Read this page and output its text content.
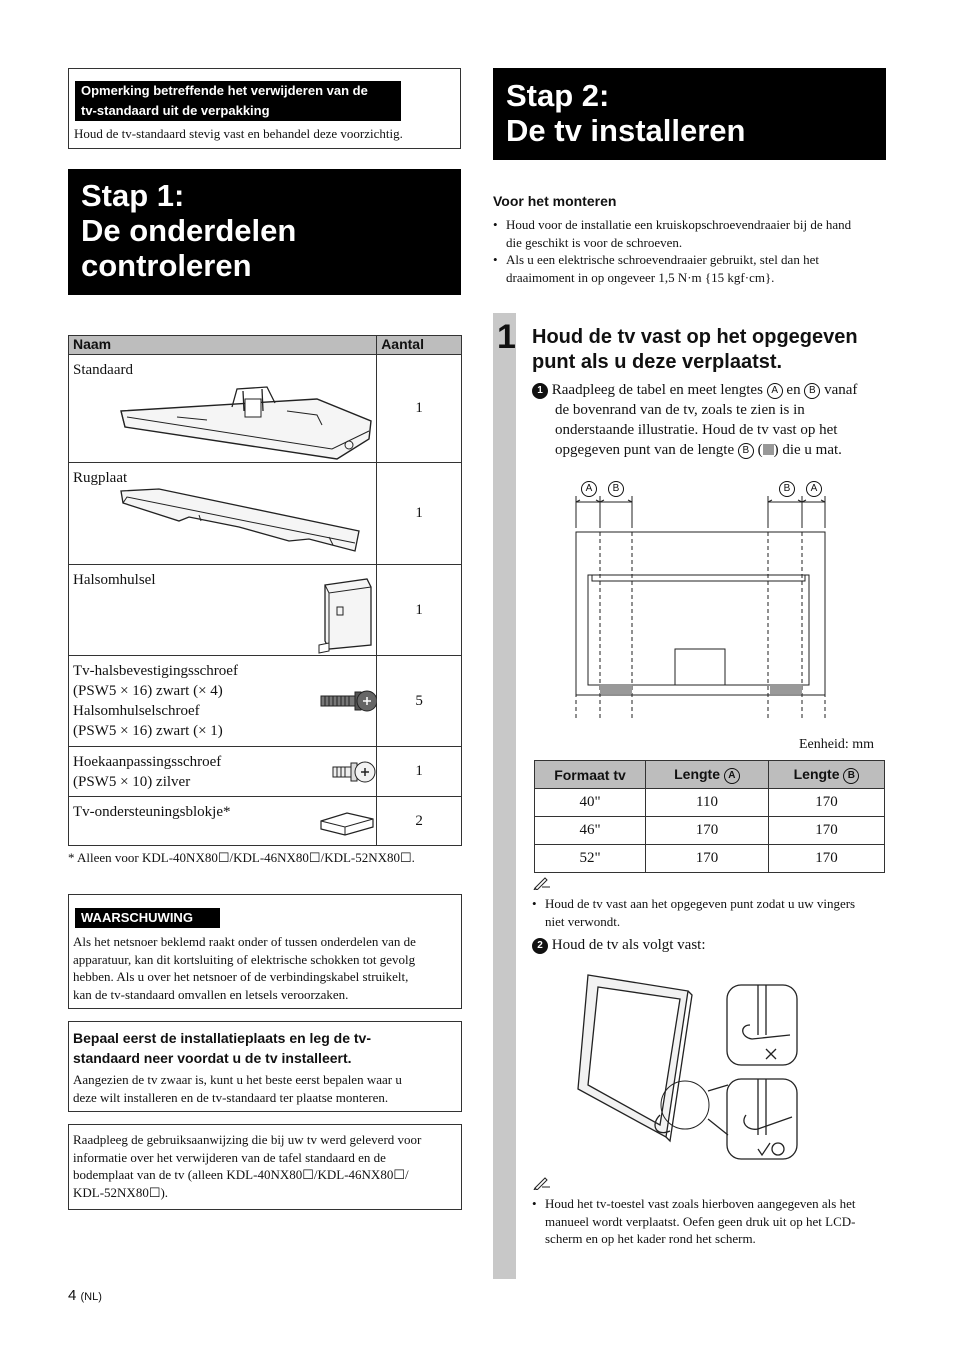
Opmerking betreffende het verwijderen van de
tv-standaard uit de verpakking
Houd de tv-standaard stevig vast en behandel deze voorzichtig.
Stap 1:
De onderdelen
controleren
Naam	Aantal

Standaard	1

Rugplaat	1

Halsomhulsel	1

Tv-halsbevestigingsschroef
(PSW5 × 16) zwart (× 4)
Halsomhulselschroef
(PSW5 × 16) zwart (× 1)	5

Hoekaanpassingsschroef
(PSW5 × 10) zilver	1

Tv-ondersteuningsblokje*	2
* Alleen voor KDL-40NX80☐/KDL-46NX80☐/KDL-52NX80☐.
WAARSCHUWING
Als het netsnoer beklemd raakt onder of tussen onderdelen van de
apparatuur, kan dit kortsluiting of elektrische schokken tot gevolg
hebben. Als u over het netsnoer of de verbindingskabel struikelt,
kan de tv-standaard omvallen en letsels veroorzaken.
Bepaal eerst de installatieplaats en leg de tv-
standaard neer voordat u de tv installeert.
Aangezien de tv zwaar is, kunt u het beste eerst bepalen waar u
deze wilt installeren en de tv-standaard ter plaatse monteren.
Raadpleeg de gebruiksaanwijzing die bij uw tv werd geleverd voor
informatie over het verwijderen van de tafel standaard en de
bodemplaat van de tv (alleen KDL-40NX80☐/KDL-46NX80☐/
KDL-52NX80☐).
4 (NL)
Stap 2:
De tv installeren
Voor het monteren
• Houd voor de installatie een kruiskopschroevendraaier bij de hand
die geschikt is voor de schroeven.
• Als u een elektrische schroevendraaier gebruikt, stel dan het
draaimoment in op ongeveer 1,5 N·m {15 kgf·cm}.
1 Houd de tv vast op het opgegeven
punt als u deze verplaatst.
1 Raadpleeg de tabel en meet lengtes A en B vanaf
de bovenrand van de tv, zoals te zien is in
onderstaande illustratie. Houd de tv vast op het
opgegeven punt van de lengte B ( ) die u mat.
A	B	B	A
Eenheid: mm
Formaat tv	Lengte A	Lengte B
40"	110	170
46"	170	170
52"	170	170
• Houd de tv vast aan het opgegeven punt zodat u uw vingers
niet verwondt.
2 Houd de tv als volgt vast:
• Houd het tv-toestel vast zoals hierboven aangegeven als het
manueel wordt verplaatst. Oefen geen druk uit op het LCD-
scherm en op het kader rond het scherm.
